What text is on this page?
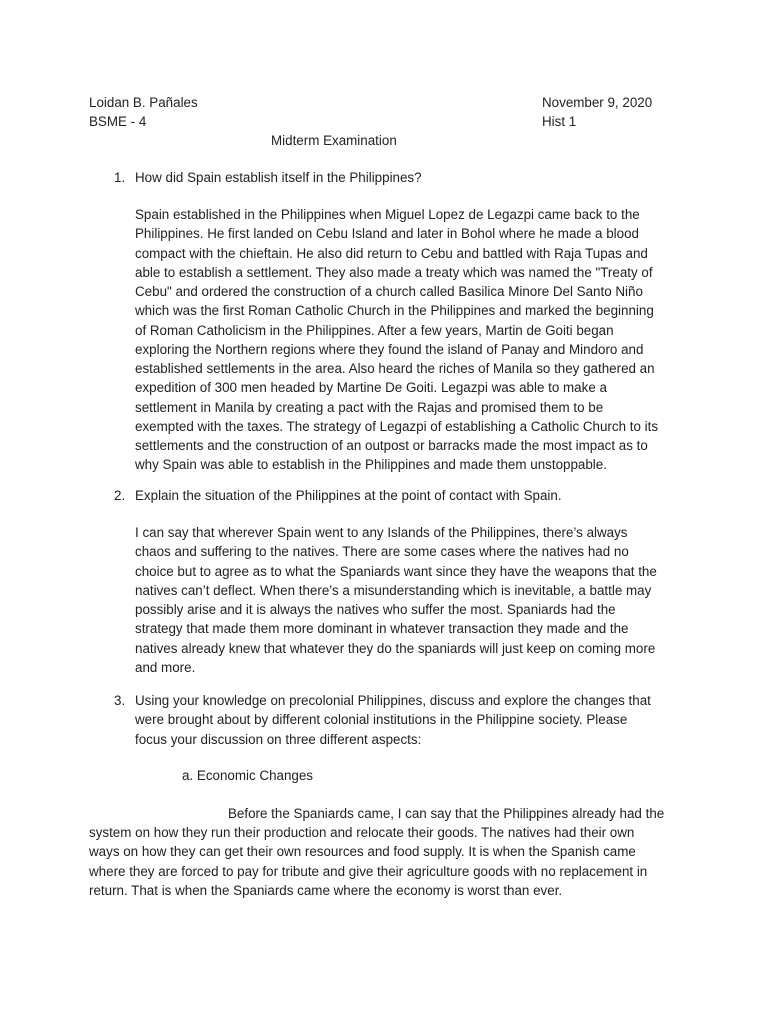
Loidan B. Pañales
BSME - 4
November 9, 2020
Hist 1
Midterm Examination
1. How did Spain establish itself in the Philippines?
Spain established in the Philippines when Miguel Lopez de Legazpi came back to the
Philippines. He first landed on Cebu Island and later in Bohol where he made a blood
compact with the chieftain. He also did return to Cebu and battled with Raja Tupas and
able to establish a settlement. They also made a treaty which was named the "Treaty of
Cebu" and ordered the construction of a church called Basilica Minore Del Santo Niño
which was the first Roman Catholic Church in the Philippines and marked the beginning
of Roman Catholicism in the Philippines. After a few years, Martin de Goiti began
exploring the Northern regions where they found the island of Panay and Mindoro and
established settlements in the area. Also heard the riches of Manila so they gathered an
expedition of 300 men headed by Martine De Goiti. Legazpi was able to make a
settlement in Manila by creating a pact with the Rajas and promised them to be
exempted with the taxes. The strategy of Legazpi of establishing a Catholic Church to its
settlements and the construction of an outpost or barracks made the most impact as to
why Spain was able to establish in the Philippines and made them unstoppable.
2. Explain the situation of the Philippines at the point of contact with Spain.
I can say that wherever Spain went to any Islands of the Philippines, there’s always
chaos and suffering to the natives. There are some cases where the natives had no
choice but to agree as to what the Spaniards want since they have the weapons that the
natives can’t deflect. When there’s a misunderstanding which is inevitable, a battle may
possibly arise and it is always the natives who suffer the most. Spaniards had the
strategy that made them more dominant in whatever transaction they made and the
natives already knew that whatever they do the spaniards will just keep on coming more
and more.
3. Using your knowledge on precolonial Philippines, discuss and explore the changes that
were brought about by different colonial institutions in the Philippine society. Please
focus your discussion on three different aspects:
a. Economic Changes
Before the Spaniards came, I can say that the Philippines already had the
system on how they run their production and relocate their goods. The natives had their own
ways on how they can get their own resources and food supply. It is when the Spanish came
where they are forced to pay for tribute and give their agriculture goods with no replacement in
return. That is when the Spaniards came where the economy is worst than ever.
